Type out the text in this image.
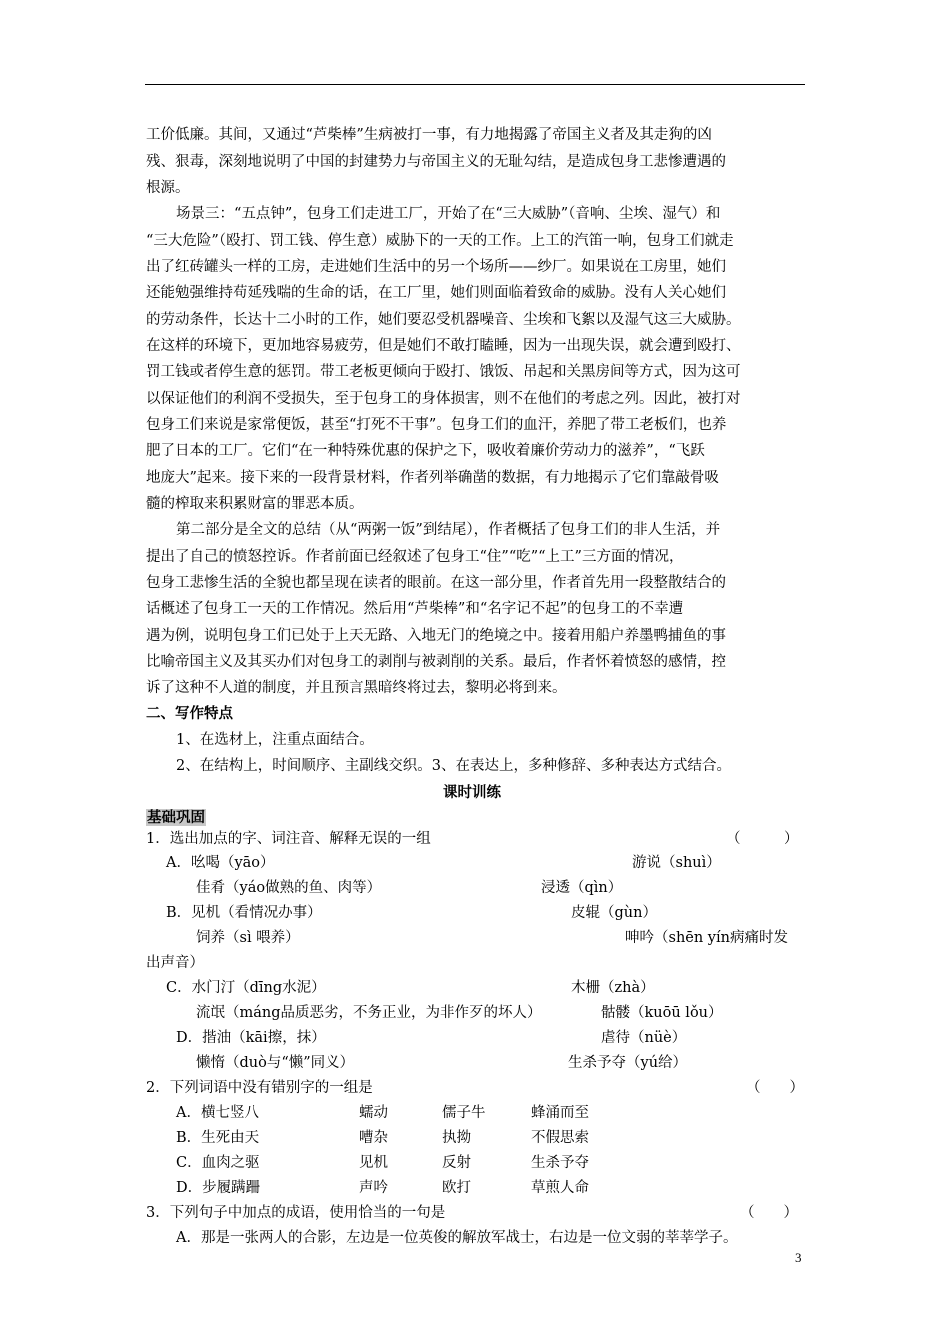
工价低廉。其间，又通过“芦柴棒”生病被打一事，有力地揭露了帝国主义者及其走狗的凶
残、狠毒，深刻地说明了中国的封建势力与帝国主义的无耻勾结，是造成包身工悲惨遭遇的
根源。
场景三：“五点钟”，包身工们走进工厂，开始了在“三大威胁”（音响、尘埃、湿气）和
“三大危险”（殴打、罚工钱、停生意）威胁下的一天的工作。上工的汽笛一响，包身工们就走
出了红砖罐头一样的工房，走进她们生活中的另一个场所——纱厂。如果说在工房里，她们
还能勉强维持苟延残喘的生命的话，在工厂里，她们则面临着致命的威胁。没有人关心她们
的劳动条件，长达十二小时的工作，她们要忍受机器噪音、尘埃和飞絮以及湿气这三大威胁。
在这样的环境下，更加地容易疲劳，但是她们不敢打瞌睡，因为一出现失误，就会遭到殴打、
罚工钱或者停生意的惩罚。带工老板更倾向于殴打、饿饭、吊起和关黑房间等方式，因为这可
以保证他们的利润不受损失，至于包身工的身体损害，则不在他们的考虑之列。因此，被打对
包身工们来说是家常便饭，甚至“打死不干事”。包身工们的血汗，养肥了带工老板们，也养
肥了日本的工厂。它们“在一种特殊优惠的保护之下，吸收着廉价劳动力的滋养”，“飞跃
地庞大”起来。接下来的一段背景材料，作者列举确凿的数据，有力地揭示了它们靠敲骨吸
髓的榨取来积累财富的罪恶本质。
第二部分是全文的总结（从“两粥一饭”到结尾），作者概括了包身工们的非人生活，并
提出了自己的愤怒控诉。作者前面已经叙述了包身工“住”“吃”“上工”三方面的情况，
包身工悲惨生活的全貌也都呈现在读者的眼前。在这一部分里，作者首先用一段整散结合的
话概述了包身工一天的工作情况。然后用“芦柴棒”和“名字记不起”的包身工的不幸遭
遇为例，说明包身工们已处于上天无路、入地无门的绝境之中。接着用船户养墨鸭捕鱼的事
比喻帝国主义及其买办们对包身工的剥削与被剥削的关系。最后，作者怀着愤怒的感情，控
诉了这种不人道的制度，并且预言黑暗终将过去，黎明必将到来。
二、写作特点
1、在选材上，注重点面结合。
2、在结构上，时间顺序、主副线交织。3、在表达上，多种修辞、多种表达方式结合。
课时训练
基础巩固
1．选出加点的字、词注音、解释无误的一组	（　　　）
A．吆喝（yāo）	游说（shuì）
佳肴（yáo做熟的鱼、肉等）	浸透（qìn）
B．见机（看情况办事）	皮辊（gùn）
饲养（sì 喂养）	呻吟（shēn yín病痛时发
出声音）
C．水门汀（dīng水泥）	木栅（zhà）
流氓（máng品质恶劣，不务正业，为非作歹的坏人）	骷髅（kuōū lǒu）
D．揩油（kāi擦，抹）	虐待（nüè）
懒惰（duò与“懒”同义）	生杀予夺（yú给）
2．下列词语中没有错别字的一组是	（　　）
A．横七竖八	蠕动	儒子牛	蜂涌而至
B．生死由天	嘈杂	执拗	不假思索
C．血肉之驱	见机	反射	生杀予夺
D．步履蹒跚	声吟	欧打	草煎人命
3．下列句子中加点的成语，使用恰当的一句是	（　　）
A．那是一张两人的合影，左边是一位英俊的解放军战士，右边是一位文弱的莘莘学子。
3
